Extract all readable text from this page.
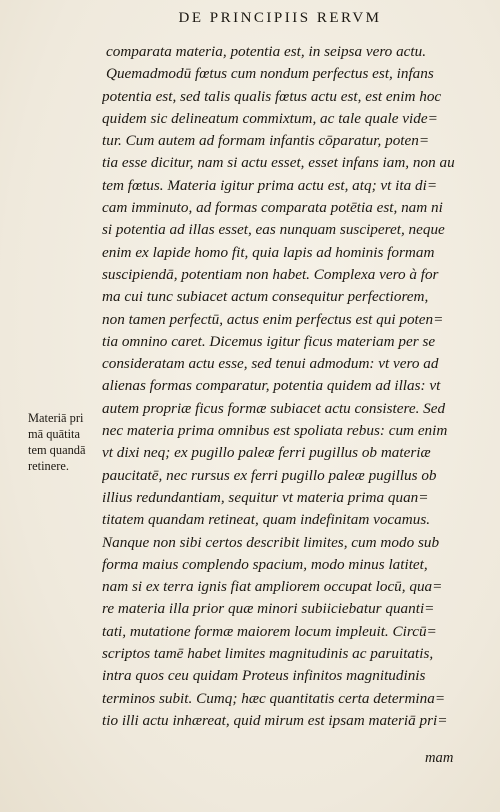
DE PRINCIPIIS RERVM
comparata materia, potentia est, in seipsa vero actu.
Quemadmodū fœtus cum nondum perfectus est, infans
potentia est, sed talis qualis fœtus actu est, est enim hoc
quidem sic delineatum commixtum, ac tale quale vide=
tur. Cum autem ad formam infantis cōparatur, poten=
tia esse dicitur, nam si actu esset, esset infans iam, non au
tem fœtus. Materia igitur prima actu est, atq; vt ita di=
cam imminuto, ad formas comparata potētia est, nam ni
si potentia ad illas esset, eas nunquam susciperet, neque
enim ex lapide homo fit, quia lapis ad hominis formam
suscipiendā, potentiam non habet. Complexa vero à for
ma cui tunc subiacet actum consequitur perfectiorem,
non tamen perfectū, actus enim perfectus est qui poten=
tia omnino caret. Dicemus igitur ficus materiam per se
consideratam actu esse, sed tenui admodum: vt vero ad
alienas formas comparatur, potentia quidem ad illas: vt
autem propriæ ficus formæ subiacet actu consistere. Sed
nec materia prima omnibus est spoliata rebus: cum enim
vt dixi neq; ex pugillo paleæ ferri pugillus ob materiæ
paucitatē, nec rursus ex ferri pugillo paleæ pugillus ob
illius redundantiam, sequitur vt materia prima quan=
titatem quandam retineat, quam indefinitam vocamus.
Nanque non sibi certos describit limites, cum modo sub
forma maius complendo spacium, modo minus latitet,
nam si ex terra ignis fiat ampliorem occupat locū, qua=
re materia illa prior quæ minori subiiciebatur quanti=
tati, mutatione formæ maiorem locum impleuit. Circū=
scriptos tamē habet limites magnitudinis ac paruitatis,
intra quos ceu quidam Proteus infinitos magnitudinis
terminos subit. Cumq; hæc quantitatis certa determina=
tio illi actu inhæreat, quid mirum est ipsam materiā pri=
Materiā pri
mā quātita
tem quandā
retinere.
mam
